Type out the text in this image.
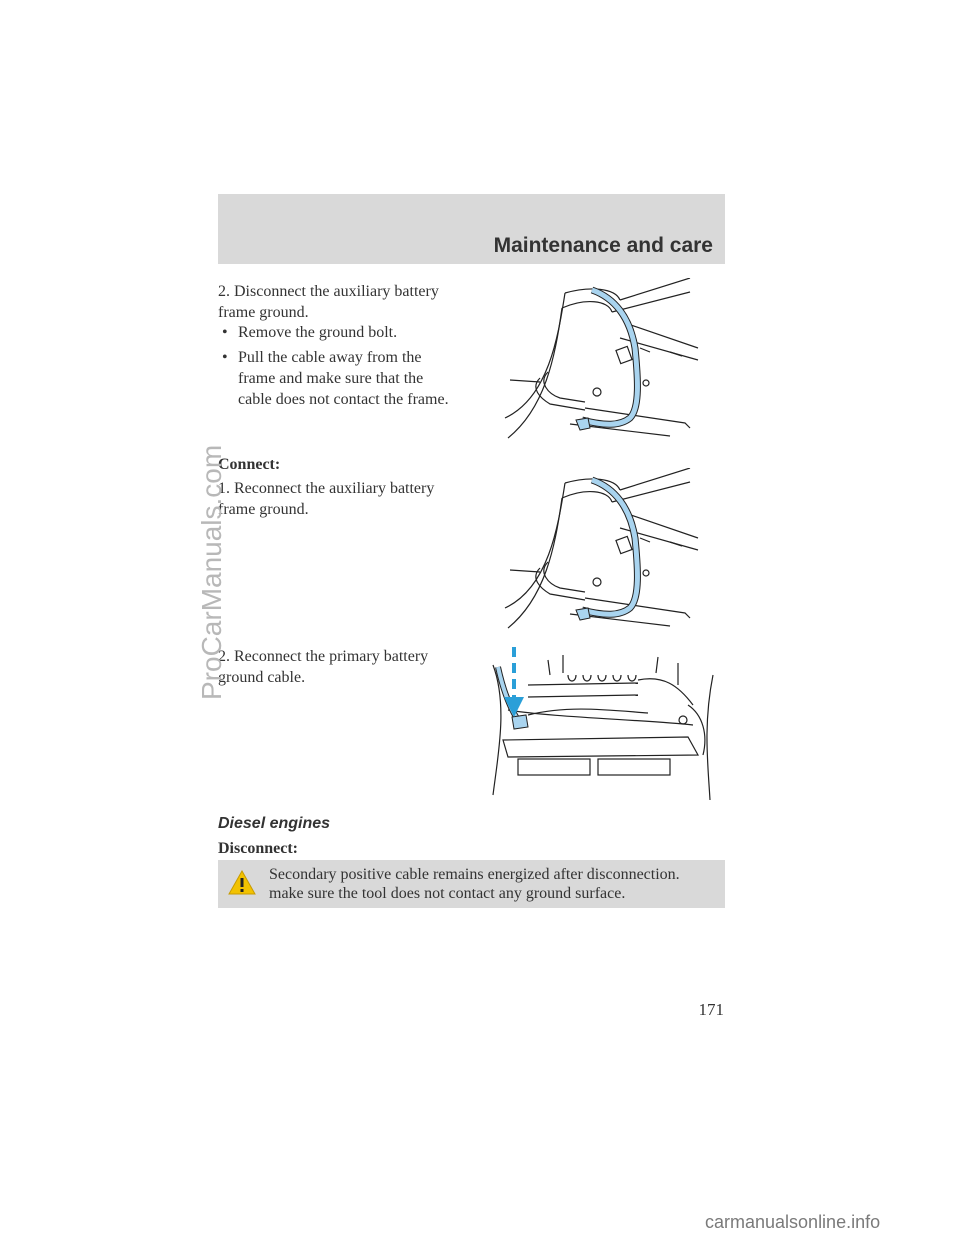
Maintenance and care
2. Disconnect the auxiliary battery
frame ground.
• Remove the ground bolt.
• Pull the cable away from the
frame and make sure that the
cable does not contact the frame.
Connect:
1. Reconnect the auxiliary battery
frame ground.
2. Reconnect the primary battery
ground cable.
Diesel engines
Disconnect:
Secondary positive cable remains energized after disconnection.
make sure the tool does not contact any ground surface.
171
ProCarManuals.com
carmanualsonline.info
